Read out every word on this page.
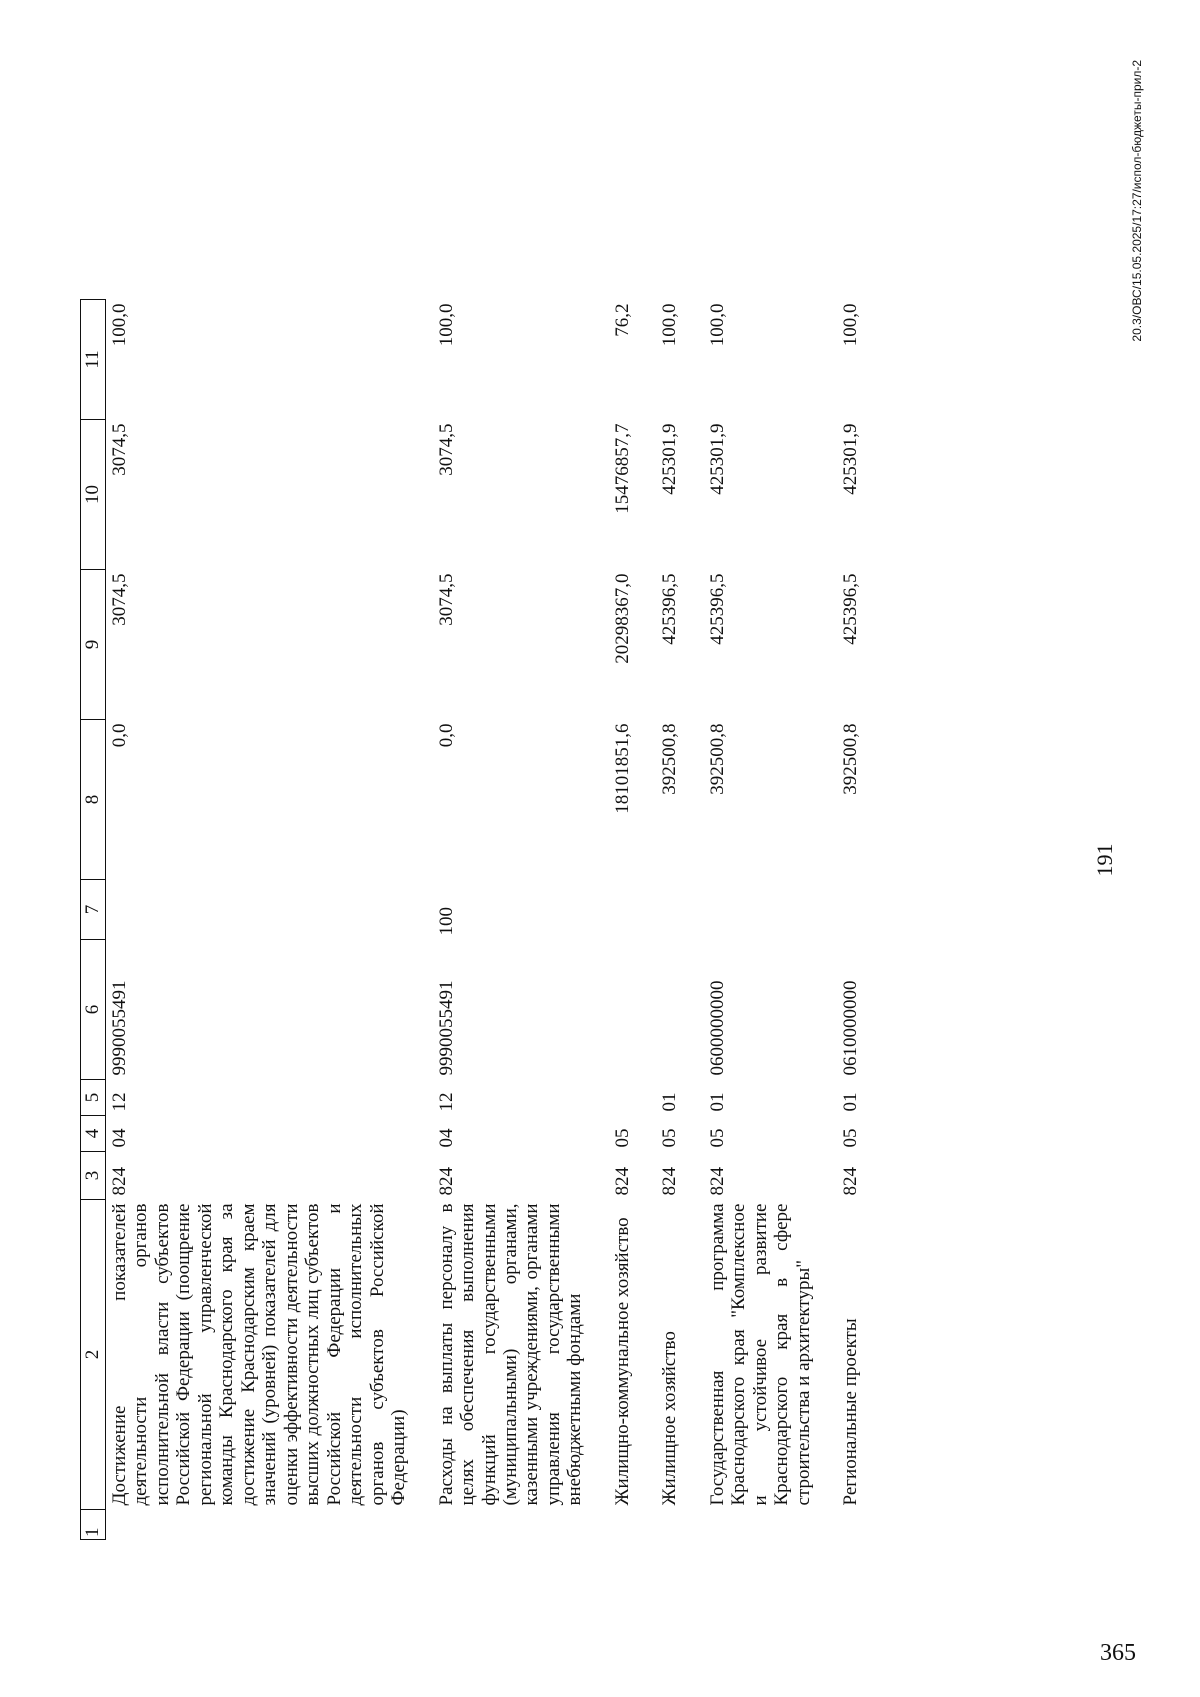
191
1	2	3	4	5	6	7	8	9	10	11
	Достижение показателей деятельности органов исполнительной власти субъектов Российской Федерации (поощрение региональной управленческой команды Краснодарского края за достижение Краснодарским краем значений (уровней) показателей для оценки эффективности деятельности высших должностных лиц субъектов Российской Федерации и деятельности исполнительных органов субъектов Российской Федерации)	824	04	12	9990055491		0,0	3074,5	3074,5	100,0

	Расходы на выплаты персоналу в целях обеспечения выполнения функций государственными (муниципальными) органами, казенными учреждениями, органами управления государственными внебюджетными фондами	824	04	12	9990055491	100	0,0	3074,5	3074,5	100,0

	Жилищно-коммунальное хозяйство	824	05				18101851,6	20298367,0	15476857,7	76,2

	Жилищное хозяйство	824	05	01			392500,8	425396,5	425301,9	100,0

	Государственная программа Краснодарского края "Комплексное и устойчивое развитие Краснодарского края в сфере строительства и архитектуры"	824	05	01	0600000000		392500,8	425396,5	425301,9	100,0

	Региональные проекты	824	05	01	0610000000		392500,8	425396,5	425301,9	100,0	20.3/ОВС/15.05.2025/17:27/испол-бюджеты-прил-2
365
